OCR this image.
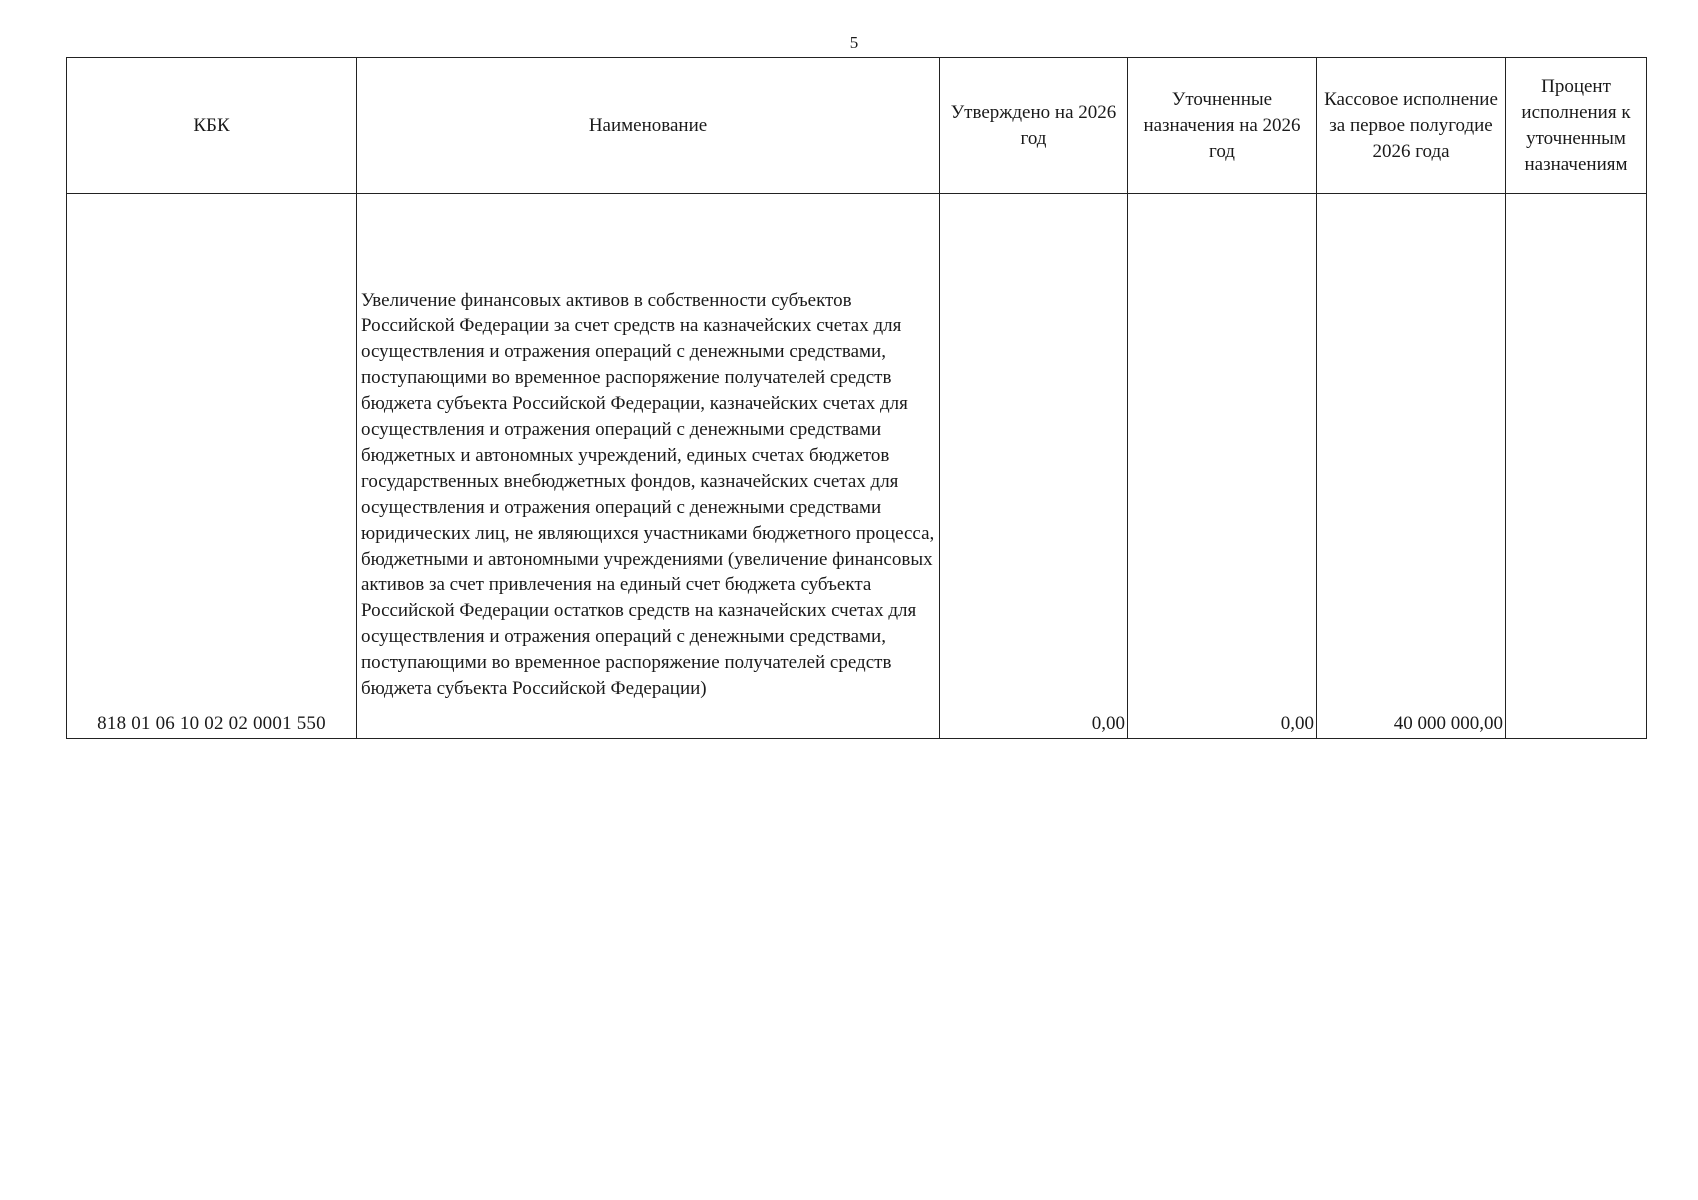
5
КБК	Наименование	Утверждено на 2026 год	Уточненные назначения на 2026 год	Кассовое исполнение за первое полугодие 2026 года	Процент исполнения к уточненным назначениям
818 01 06 10 02 02 0001 550	Увеличение финансовых активов в собственности субъектов Российской Федерации за счет средств на казначейских счетах для осуществления и отражения операций с денежными средствами, поступающими во временное распоряжение получателей средств бюджета субъекта Российской Федерации, казначейских счетах для осуществления и отражения операций с денежными средствами бюджетных и автономных учреждений, единых счетах бюджетов государственных внебюджетных фондов, казначейских счетах для осуществления и отражения операций с денежными средствами юридических лиц, не являющихся участниками бюджетного процесса, бюджетными и автономными учреждениями (увеличение финансовых активов за счет привлечения на единый счет бюджета субъекта Российской Федерации остатков средств на казначейских счетах для осуществления и отражения операций с денежными средствами, поступающими во временное распоряжение получателей средств бюджета субъекта Российской Федерации)	0,00	0,00	40 000 000,00	
